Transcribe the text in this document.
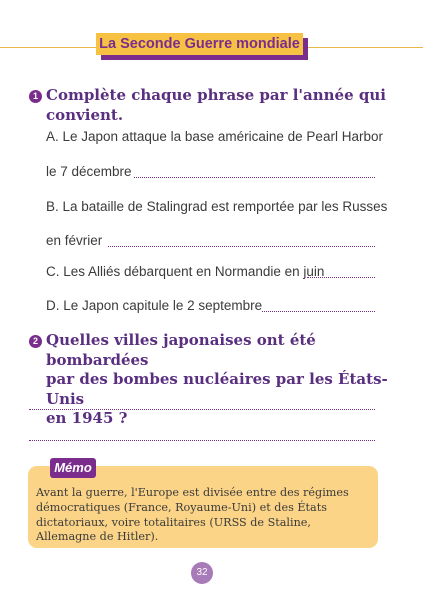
La Seconde Guerre mondiale
1 Complète chaque phrase par l'année qui
convient.
A. Le Japon attaque la base américaine de Pearl Harbor
le 7 décembre
B. La bataille de Stalingrad est remportée par les Russes
en février
C. Les Alliés débarquent en Normandie en juin
D. Le Japon capitule le 2 septembre
2 Quelles villes japonaises ont été bombardées
par des bombes nucléaires par les États-Unis
en 1945 ?
Mémo
Avant la guerre, l'Europe est divisée entre des régimes
démocratiques (France, Royaume-Uni) et des États
dictatoriaux, voire totalitaires (URSS de Staline,
Allemagne de Hitler).
32
